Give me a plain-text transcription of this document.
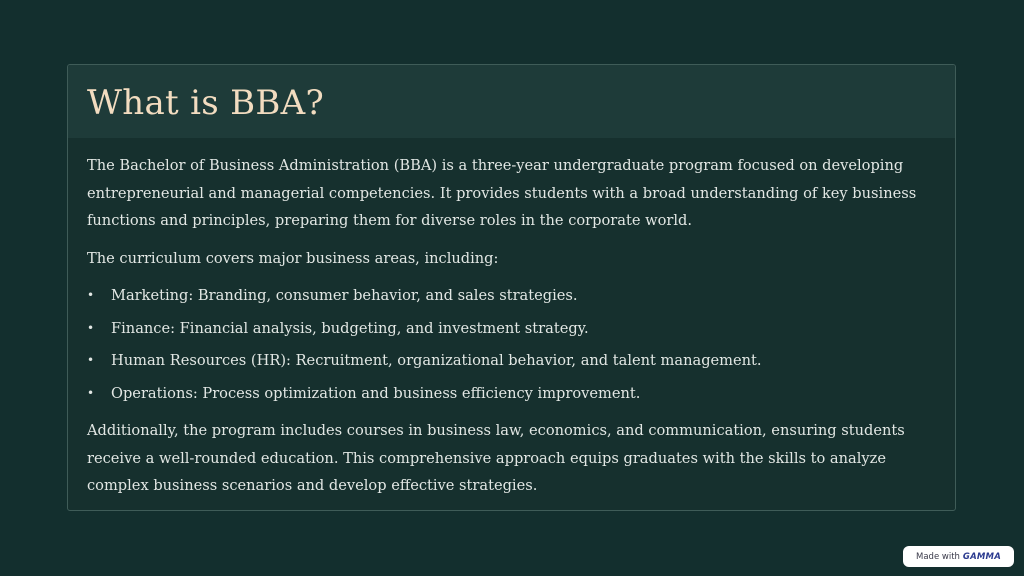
What is BBA?

The Bachelor of Business Administration (BBA) is a three-year undergraduate program focused on developing entrepreneurial and managerial competencies. It provides students with a broad understanding of key business functions and principles, preparing them for diverse roles in the corporate world.

The curriculum covers major business areas, including:

• Marketing: Branding, consumer behavior, and sales strategies.
• Finance: Financial analysis, budgeting, and investment strategy.
• Human Resources (HR): Recruitment, organizational behavior, and talent management.
• Operations: Process optimization and business efficiency improvement.

Additionally, the program includes courses in business law, economics, and communication, ensuring students receive a well-rounded education. This comprehensive approach equips graduates with the skills to analyze complex business scenarios and develop effective strategies.

Made with GAMMA
